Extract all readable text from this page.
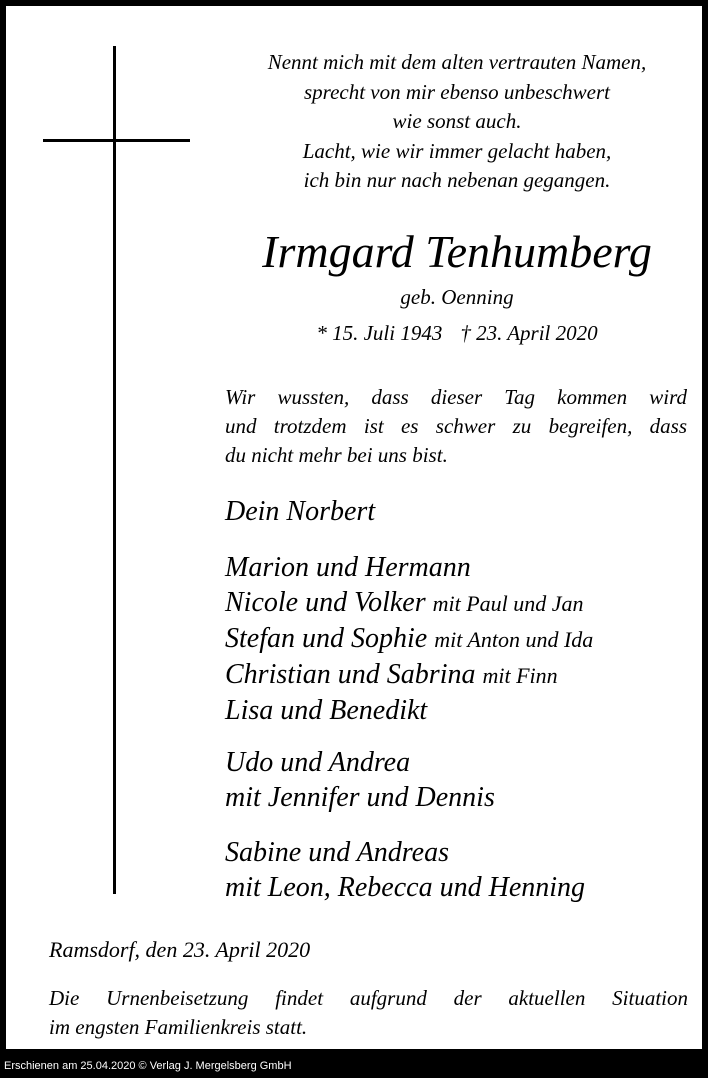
Nennt mich mit dem alten vertrauten Namen,
sprecht von mir ebenso unbeschwert
wie sonst auch.
Lacht, wie wir immer gelacht haben,
ich bin nur nach nebenan gegangen.
Irmgard Tenhumberg
geb. Oenning
* 15. Juli 1943 † 23. April 2020
Wir wussten, dass dieser Tag kommen wird
und trotzdem ist es schwer zu begreifen, dass
du nicht mehr bei uns bist.
Dein Norbert
Marion und Hermann
Nicole und Volker mit Paul und Jan
Stefan und Sophie mit Anton und Ida
Christian und Sabrina mit Finn
Lisa und Benedikt
Udo und Andrea
mit Jennifer und Dennis
Sabine und Andreas
mit Leon, Rebecca und Henning
Ramsdorf, den 23. April 2020
Die Urnenbeisetzung findet aufgrund der aktuellen Situation
im engsten Familienkreis statt.
Erschienen am 25.04.2020 © Verlag J. Mergelsberg GmbH
